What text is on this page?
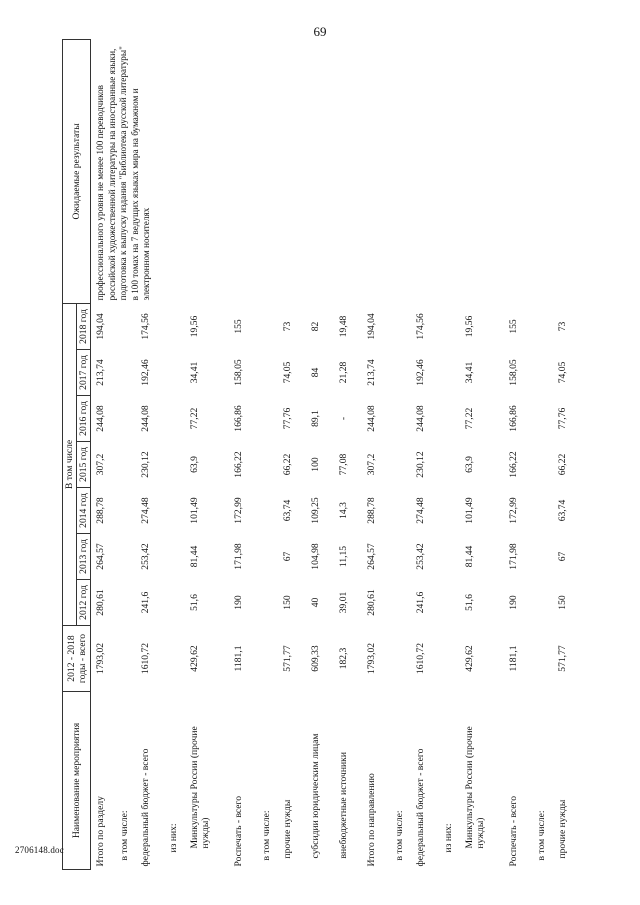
69
Наименование мероприятия	2012 - 2018 годы - всего	В том числе							Ожидаемые результаты
		2012 год	2013 год	2014 год	2015 год	2016 год	2017 год	2018 год	
Итого по разделу	1793,02	280,61	264,57	288,78	307,2	244,08	213,74	194,04	профессионального уровня не менее 100 переводчиков российской художественной литературы на иностранные языки, подготовка к выпуску издания "Библиотека русской литературы" в 100 томах на 7 ведущих языках мира на бумажном и электронном носителях
в том числе:									
федеральный бюджет - всего	1610,72	241,6	253,42	274,48	230,12	244,08	192,46	174,56	
из них:									
Минкультуры России (прочие нужды)	429,62	51,6	81,44	101,49	63,9	77,22	34,41	19,56	
Роспечать - всего	1181,1	190	171,98	172,99	166,22	166,86	158,05	155	
в том числе:									
прочие нужды	571,77	150	67	63,74	66,22	77,76	74,05	73	
субсидии юридическим лицам	609,33	40	104,98	109,25	100	89,1	84	82	
внебюджетные источники	182,3	39,01	11,15	14,3	77,08	-	21,28	19,48	
Итого по направлению	1793,02	280,61	264,57	288,78	307,2	244,08	213,74	194,04	
в том числе:									
федеральный бюджет - всего	1610,72	241,6	253,42	274,48	230,12	244,08	192,46	174,56	
из них:									
Минкультуры России (прочие нужды)	429,62	51,6	81,44	101,49	63,9	77,22	34,41	19,56	
Роспечать - всего	1181,1	190	171,98	172,99	166,22	166,86	158,05	155	
в том числе:									
прочие нужды	571,77	150	67	63,74	66,22	77,76	74,05	73	
2706148.doc
